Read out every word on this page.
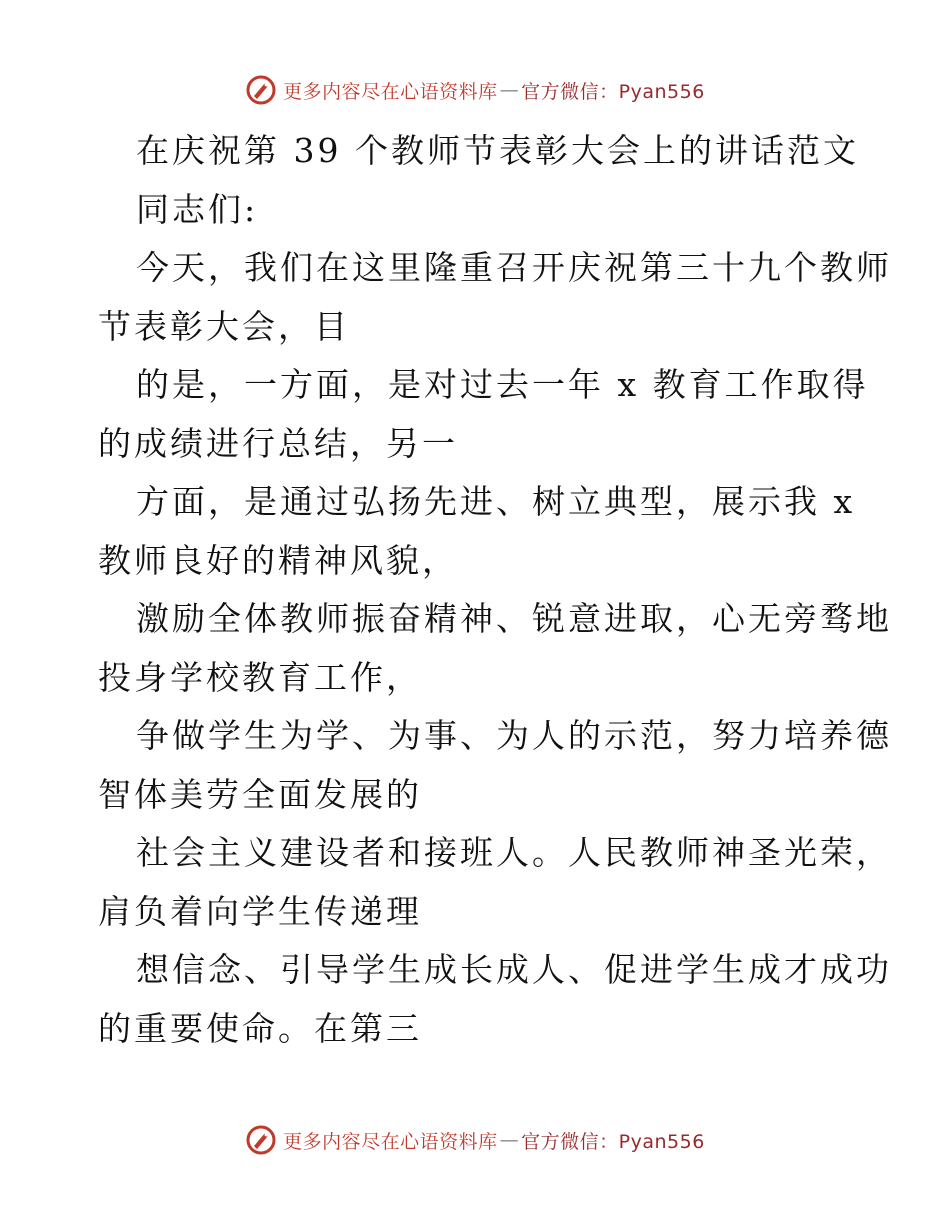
更多内容尽在心语资料库 — 官方微信：Pyan556
在庆祝第 39 个教师节表彰大会上的讲话范文
同志们:
今天，我们在这里隆重召开庆祝第三十九个教师
节表彰大会，目
的是，一方面，是对过去一年 x 教育工作取得
的成绩进行总结，另一
方面，是通过弘扬先进、树立典型，展示我 x
教师良好的精神风貌，
激励全体教师振奋精神、锐意进取，心无旁骛地
投身学校教育工作，
争做学生为学、为事、为人的示范，努力培养德
智体美劳全面发展的
社会主义建设者和接班人。人民教师神圣光荣，
肩负着向学生传递理
想信念、引导学生成长成人、促进学生成才成功
的重要使命。在第三
更多内容尽在心语资料库 — 官方微信：Pyan556
